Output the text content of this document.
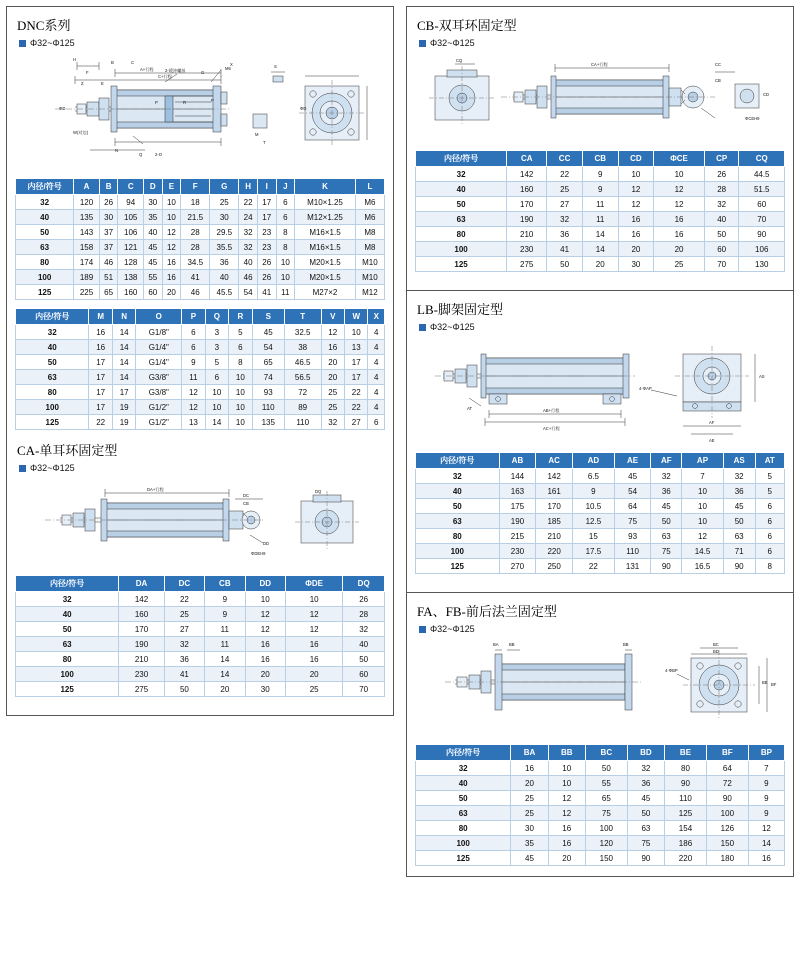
DNC系列
Φ32~Φ125
H
A+行程
C+行程
B	C
F
Z	E
2-缓冲螺丝	G
M6
X	S
ΦD
P
R
P
ΦD
W(对边)
N
Q	2-O
M
T
内径/符号	A	B	C	D	E	F	G	H	I	J	K	L
32	120	26	94	30	10	18	25	22	17	6	M10×1.25	M6
40	135	30	105	35	10	21.5	30	24	17	6	M12×1.25	M6
50	143	37	106	40	12	28	29.5	32	23	8	M16×1.5	M8
63	158	37	121	45	12	28	35.5	32	23	8	M16×1.5	M8
80	174	46	128	45	16	34.5	36	40	26	10	M20×1.5	M10
100	189	51	138	55	16	41	40	46	26	10	M20×1.5	M10
125	225	65	160	60	20	46	45.5	54	41	11	M27×2	M12
内径/符号	M	N	O	P	Q	R	S	T	V	W	X
32	16	14	G1/8"	6	3	5	45	32.5	12	10	4
40	16	14	G1/4"	6	3	6	54	38	16	13	4
50	17	14	G1/4"	9	5	8	65	46.5	20	17	4
63	17	14	G3/8"	11	6	10	74	56.5	20	17	4
80	17	17	G3/8"	12	10	10	93	72	25	22	4
100	17	19	G1/2"	12	10	10	110	89	25	22	4
125	22	19	G1/2"	13	14	10	135	110	32	27	6
CA-单耳环固定型
Φ32~Φ125
DA+行程
DC
CB
DD
ΦDEH9
DQ
内径/符号	DA	DC	CB	DD	ΦDE	DQ
32	142	22	9	10	10	26
40	160	25	9	12	12	28
50	170	27	11	12	12	32
63	190	32	11	16	16	40
80	210	36	14	16	16	50
100	230	41	14	20	20	60
125	275	50	20	30	25	70
CB-双耳环固定型
Φ32~Φ125
CQ
CA+行程	CC
CB
CD
ΦCEH9
内径/符号	CA	CC	CB	CD	ΦCE	CP	CQ
32	142	22	9	10	10	26	44.5
40	160	25	9	12	12	28	51.5
50	170	27	11	12	12	32	60
63	190	32	11	16	16	40	70
80	210	36	14	16	16	50	90
100	230	41	14	20	20	60	106
125	275	50	20	30	25	70	130
LB-脚架固定型
Φ32~Φ125
AB+行程
AC+行程
AT
4-ΦAP
AS
AF
AE
内径/符号	AB	AC	AD	AE	AF	AP	AS	AT
32	144	142	6.5	45	32	7	32	5
40	163	161	9	54	36	10	36	5
50	175	170	10.5	64	45	10	45	6
63	190	185	12.5	75	50	10	50	6
80	215	210	15	93	63	12	63	6
100	230	220	17.5	110	75	14.5	71	6
125	270	250	22	131	90	16.5	90	8
FA、FB-前后法兰固定型
Φ32~Φ125
BA BB	BB	BC
BD
BE BF
4-ΦBP
内径/符号	BA	BB	BC	BD	BE	BF	BP
32	16	10	50	32	80	64	7
40	20	10	55	36	90	72	9
50	25	12	65	45	110	90	9
63	25	12	75	50	125	100	9
80	30	16	100	63	154	126	12
100	35	16	120	75	186	150	14
125	45	20	150	90	220	180	16
